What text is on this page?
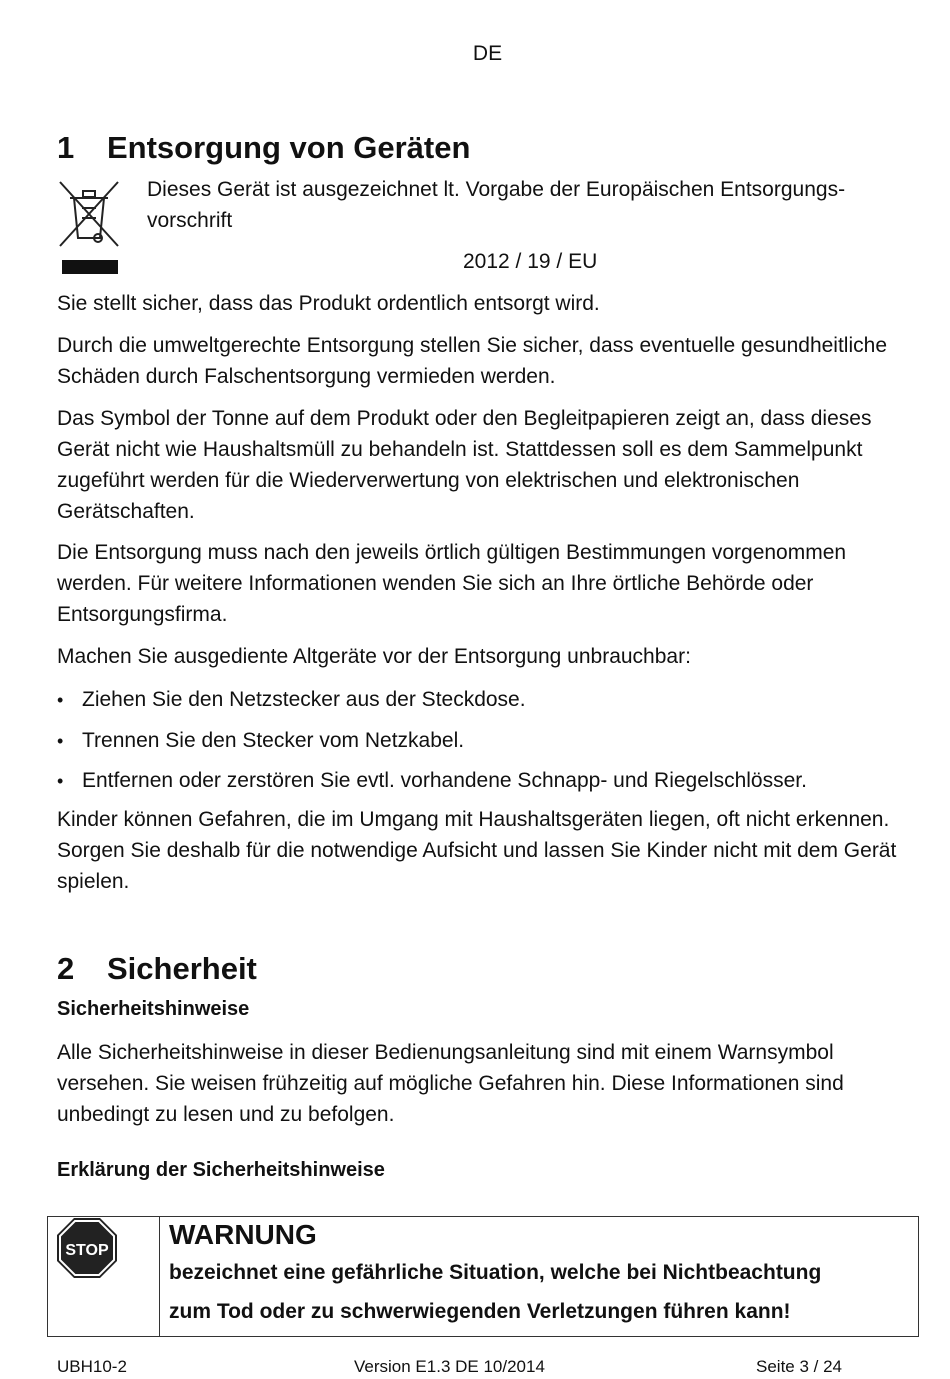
DE
1 Entsorgung von Geräten
Dieses Gerät ist ausgezeichnet lt. Vorgabe der Europäischen Entsorgungs-
vorschrift
2012 / 19 / EU

Sie stellt sicher, dass das Produkt ordentlich entsorgt wird.

Durch die umweltgerechte Entsorgung stellen Sie sicher, dass eventuelle gesundheitliche Schäden durch Falschentsorgung vermieden werden.

Das Symbol der Tonne auf dem Produkt oder den Begleitpapieren zeigt an, dass dieses Gerät nicht wie Haushaltsmüll zu behandeln ist. Stattdessen soll es dem Sammelpunkt zugeführt werden für die Wiederverwertung von elektrischen und elektronischen Gerätschaften.

Die Entsorgung muss nach den jeweils örtlich gültigen Bestimmungen vorgenommen werden. Für weitere Informationen wenden Sie sich an Ihre örtliche Behörde oder Entsorgungsfirma.

Machen Sie ausgediente Altgeräte vor der Entsorgung unbrauchbar:

• Ziehen Sie den Netzstecker aus der Steckdose.
• Trennen Sie den Stecker vom Netzkabel.
• Entfernen oder zerstören Sie evtl. vorhandene Schnapp- und Riegelschlösser.

Kinder können Gefahren, die im Umgang mit Haushaltsgeräten liegen, oft nicht erkennen. Sorgen Sie deshalb für die notwendige Aufsicht und lassen Sie Kinder nicht mit dem Gerät spielen.

2 Sicherheit
Sicherheitshinweise

Alle Sicherheitshinweise in dieser Bedienungsanleitung sind mit einem Warnsymbol versehen. Sie weisen frühzeitig auf mögliche Gefahren hin. Diese Informationen sind unbedingt zu lesen und zu befolgen.

Erklärung der Sicherheitshinweise
STOP
WARNUNG
bezeichnet eine gefährliche Situation, welche bei Nichtbeachtung
zum Tod oder zu schwerwiegenden Verletzungen führen kann!
UBH10-2	Version E1.3 DE 10/2014	Seite 3 / 24
